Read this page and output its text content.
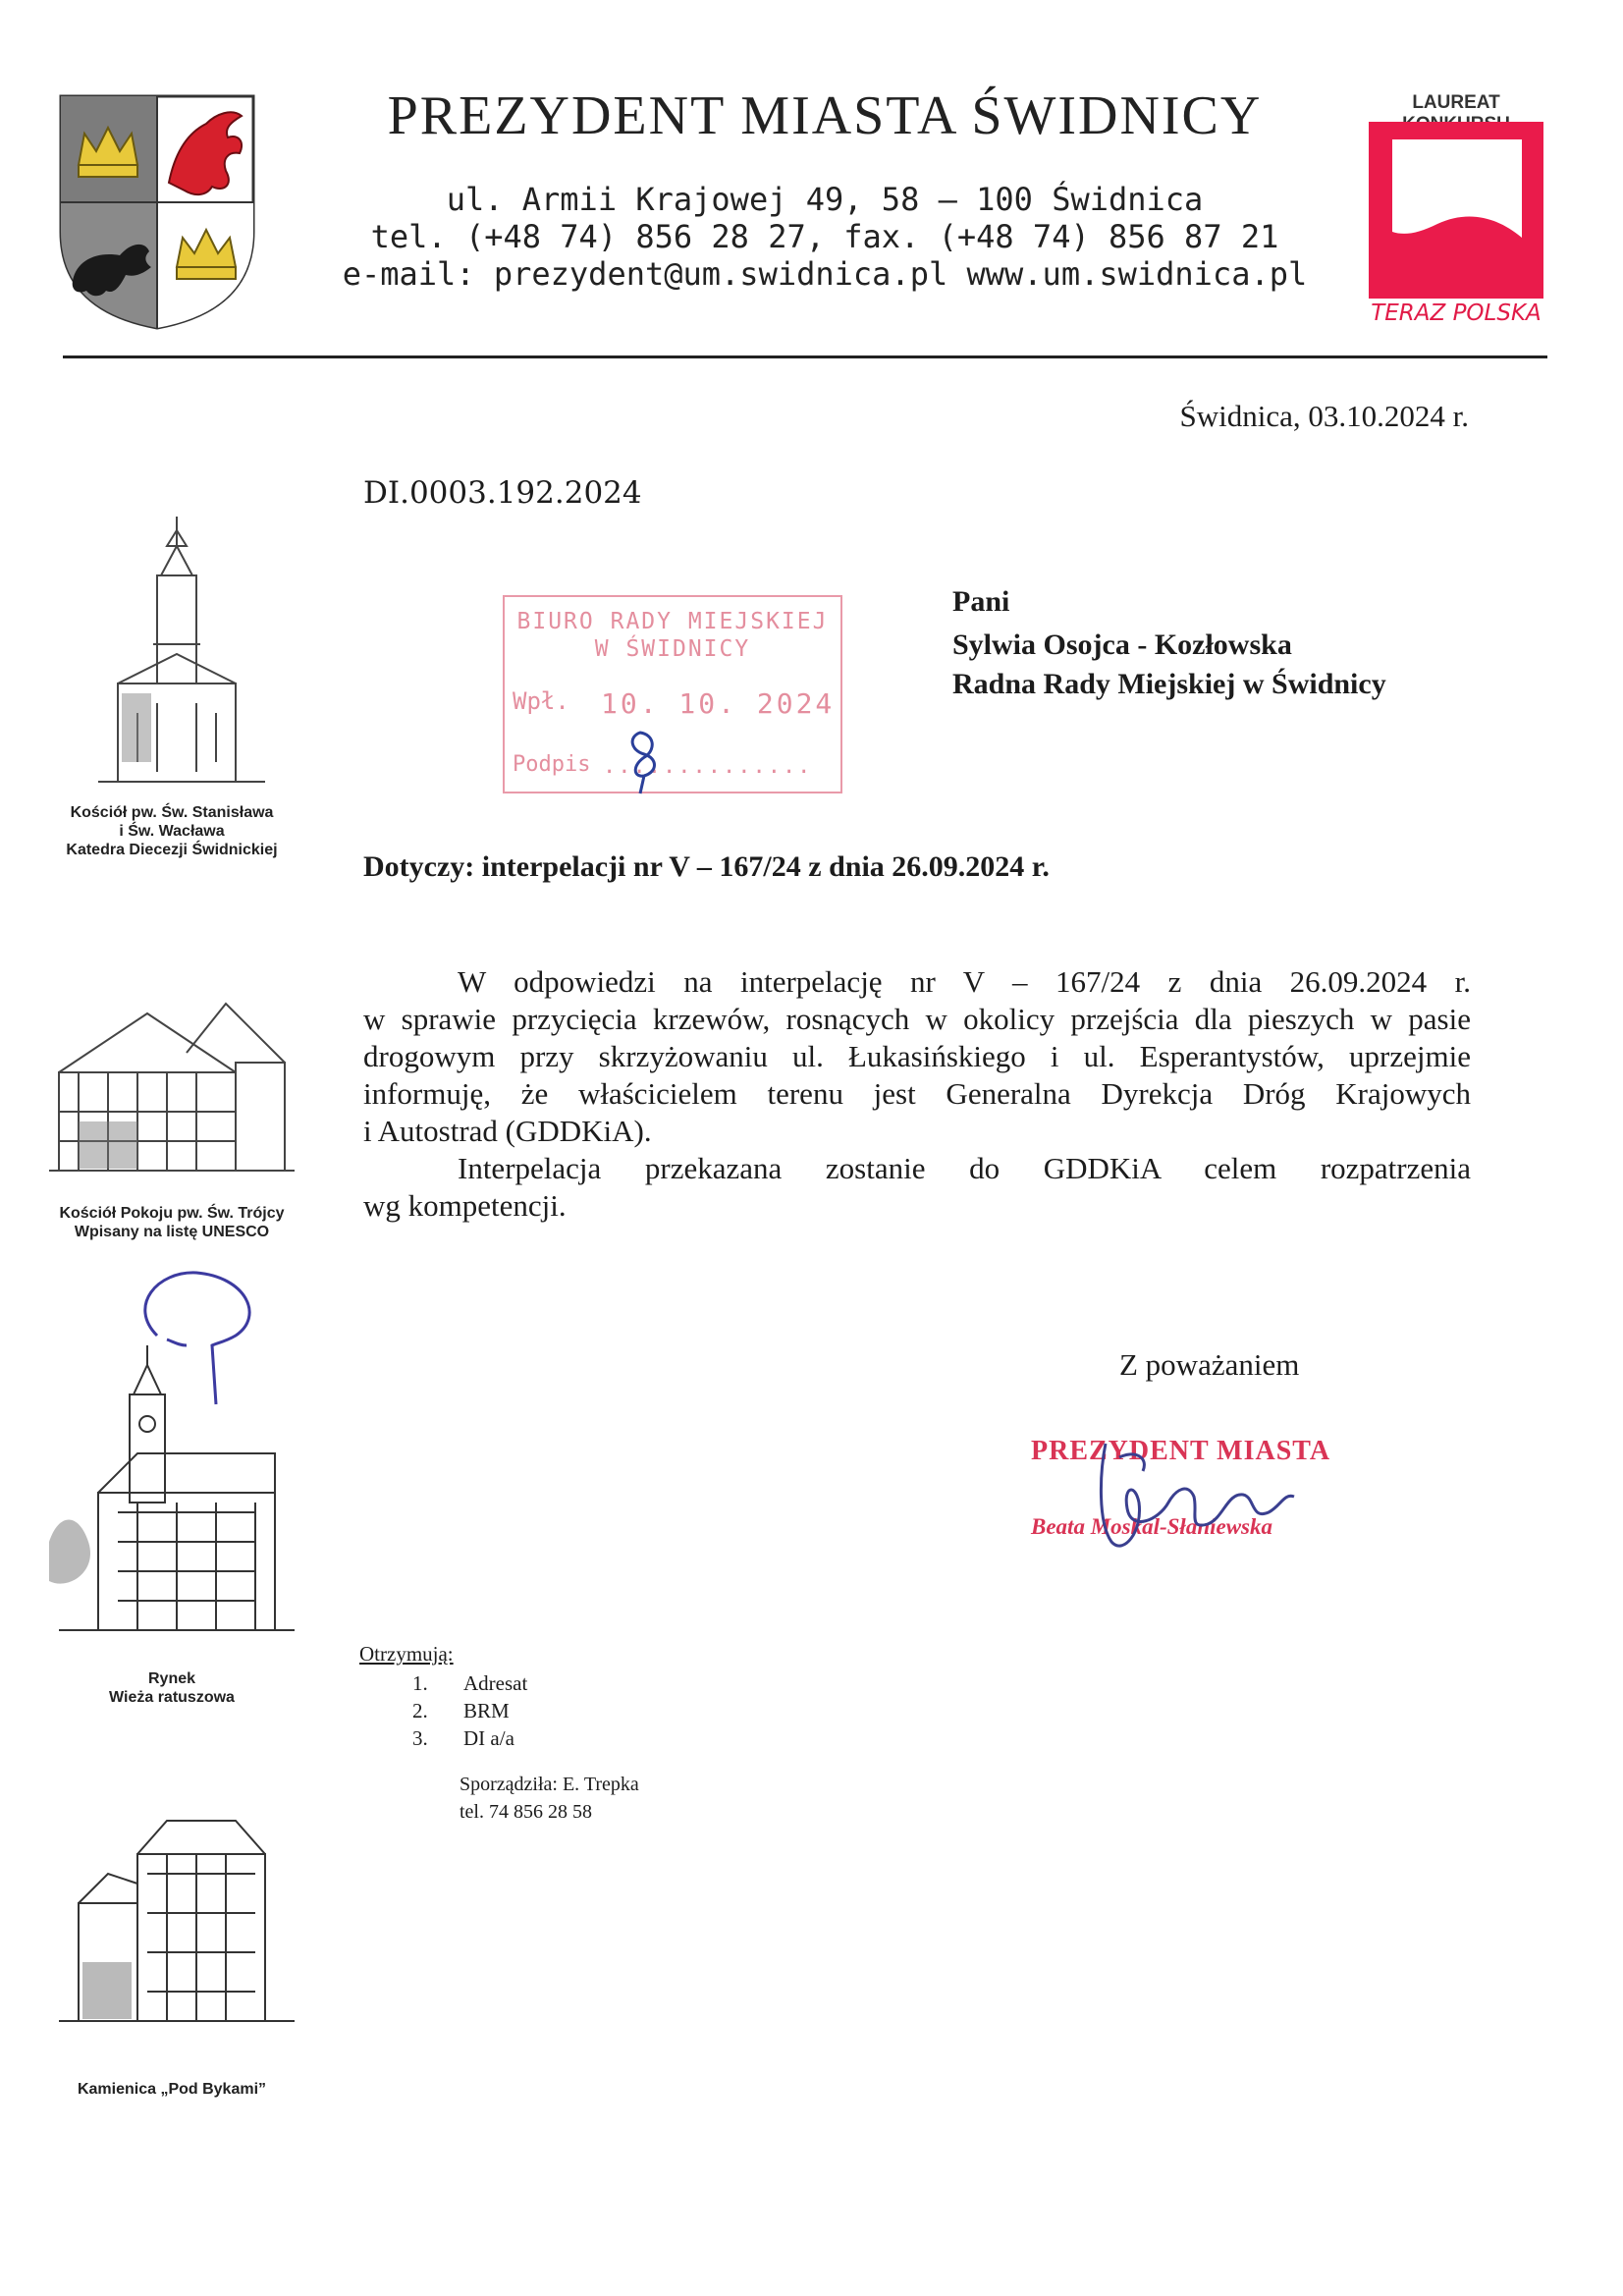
PREZYDENT MIASTA ŚWIDNICY
ul. Armii Krajowej 49, 58 – 100 Świdnica
tel. (+48 74) 856 28 27, fax. (+48 74) 856 87 21
e-mail: prezydent@um.swidnica.pl www.um.swidnica.pl
LAUREAT
TERAZ POLSKA
Świdnica, 03.10.2024 r.
DI.0003.192.2024
BIURO RADY MIEJSKIEJ
W ŚWIDNICY
Wpł. 10. 10. 2024
Podpis ..............
Pani
Sylwia Osojca - Kozłowska
Radna Rady Miejskiej w Świdnicy
Dotyczy: interpelacji nr V – 167/24 z dnia 26.09.2024 r.
W odpowiedzi na interpelację nr V – 167/24 z dnia 26.09.2024 r.
w sprawie przycięcia krzewów, rosnących w okolicy przejścia dla pieszych w pasie
drogowym przy skrzyżowaniu ul. Łukasińskiego i ul. Esperantystów, uprzejmie
informuję, że właścicielem terenu jest Generalna Dyrekcja Dróg Krajowych
i Autostrad (GDDKiA).
Interpelacja przekazana zostanie do GDDKiA celem rozpatrzenia
wg kompetencji.
Z poważaniem
PREZYDENT MIASTA
Beata Moskal-Słaniewska
Otrzymują:
1. Adresat
2. BRM
3. DI a/a
Sporządziła: E. Trepka
tel. 74 856 28 58
Kościół pw. Św. Stanisława
i Św. Wacława
Katedra Diecezji Świdnickiej
Kościół Pokoju pw. Św. Trójcy
Wpisany na listę UNESCO
Rynek
Wieża ratuszowa
Kamienica „Pod Bykami”
